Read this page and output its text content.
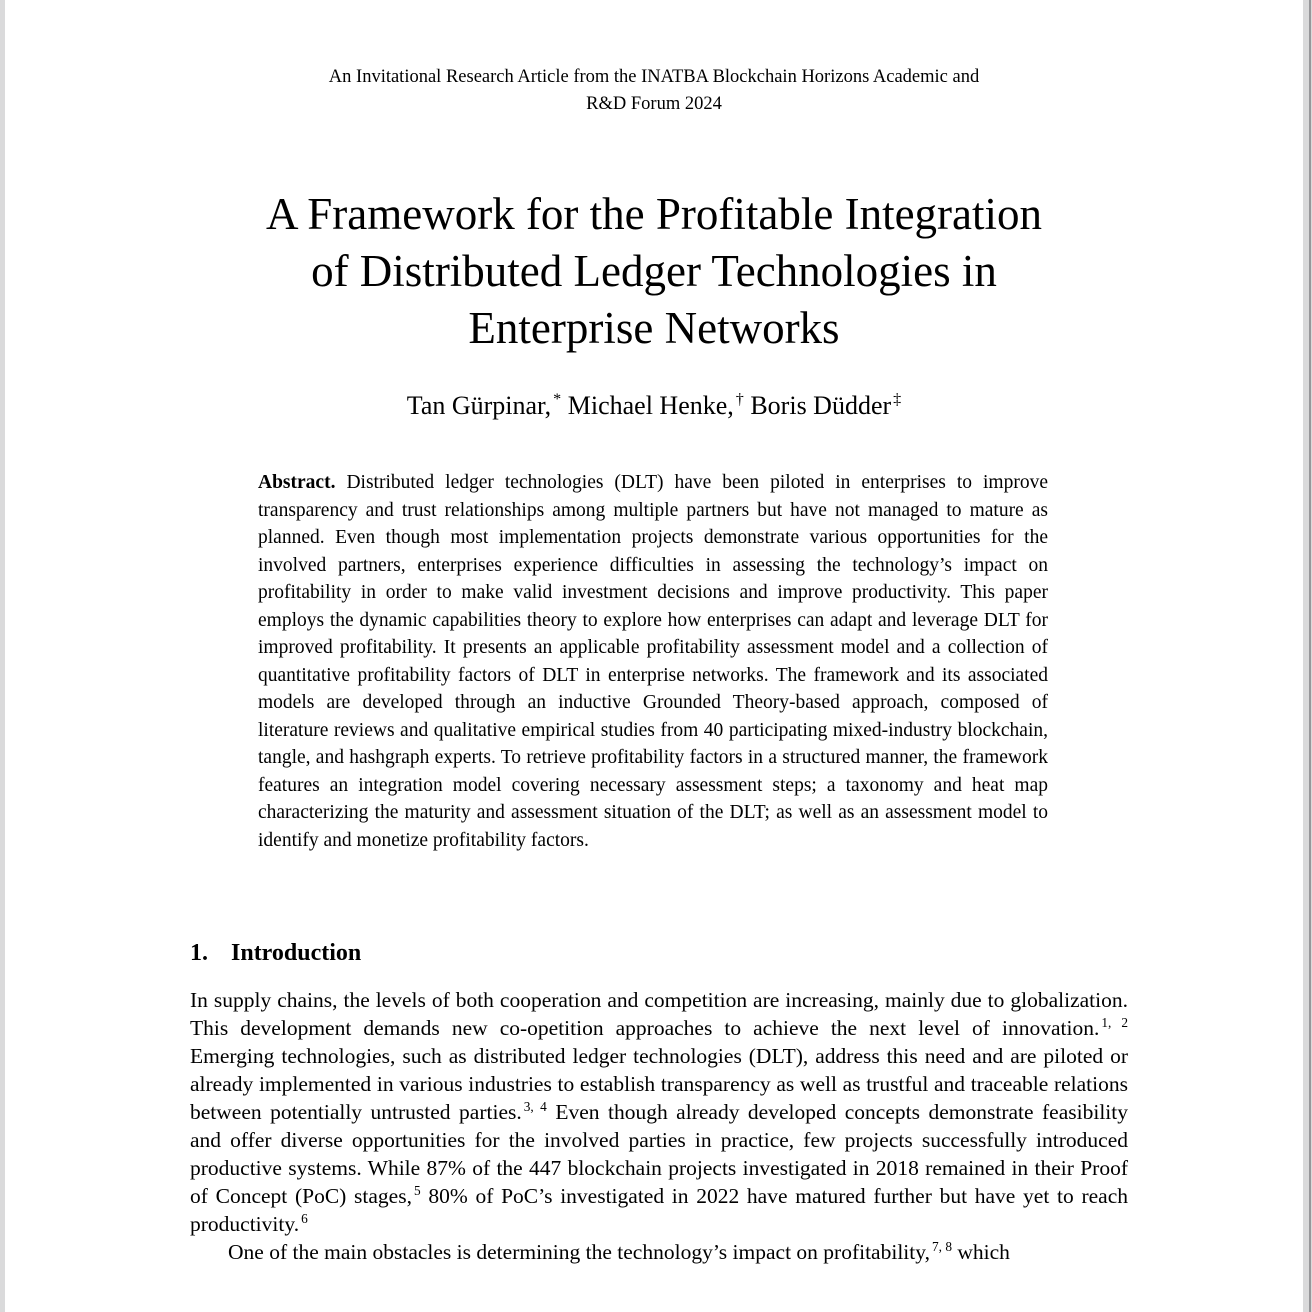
An Invitational Research Article from the INATBA Blockchain Horizons Academic and
R&D Forum 2024
A Framework for the Profitable Integration
of Distributed Ledger Technologies in
Enterprise Networks
Tan Gürpinar, * Michael Henke, † Boris Düdder ‡
Abstract. Distributed ledger technologies (DLT) have been piloted in enterprises to improve transparency and trust relationships among multiple partners but have not managed to mature as planned. Even though most implementation projects demonstrate various opportunities for the involved partners, enterprises experience difficulties in assessing the technology’s impact on profitability in order to make valid investment decisions and improve productivity. This paper employs the dynamic capabilities theory to explore how enterprises can adapt and leverage DLT for improved profitability. It presents an applicable profitability assessment model and a collection of quantitative profitability factors of DLT in enterprise networks. The framework and its associated models are developed through an inductive Grounded Theory-based approach, composed of literature reviews and qualitative empirical studies from 40 participating mixed-industry blockchain, tangle, and hashgraph experts. To retrieve profitability factors in a structured manner, the framework features an integration model covering necessary assessment steps; a taxonomy and heat map characterizing the maturity and assessment situation of the DLT; as well as an assessment model to identify and monetize profitability factors.
1. Introduction

In supply chains, the levels of both cooperation and competition are increasing, mainly due to globalization. This development demands new co-opetition approaches to achieve the next level of innovation. $^{1, 2}$ Emerging technologies, such as distributed ledger technologies (DLT), address this need and are piloted or already implemented in various industries to establish transparency as well as trustful and traceable relations between potentially untrusted parties. $^{3, 4}$ Even though already developed concepts demonstrate feasibility and offer diverse opportunities for the involved parties in practice, few projects successfully introduced productive systems. While 87% of the 447 blockchain projects investigated in 2018 remained in their Proof of Concept (PoC) stages, $^5$ 80% of PoC’s investigated in 2022 have matured further but have yet to reach productivity. $^6$

One of the main obstacles is determining the technology’s impact on profitability, $^{7, 8}$ which
